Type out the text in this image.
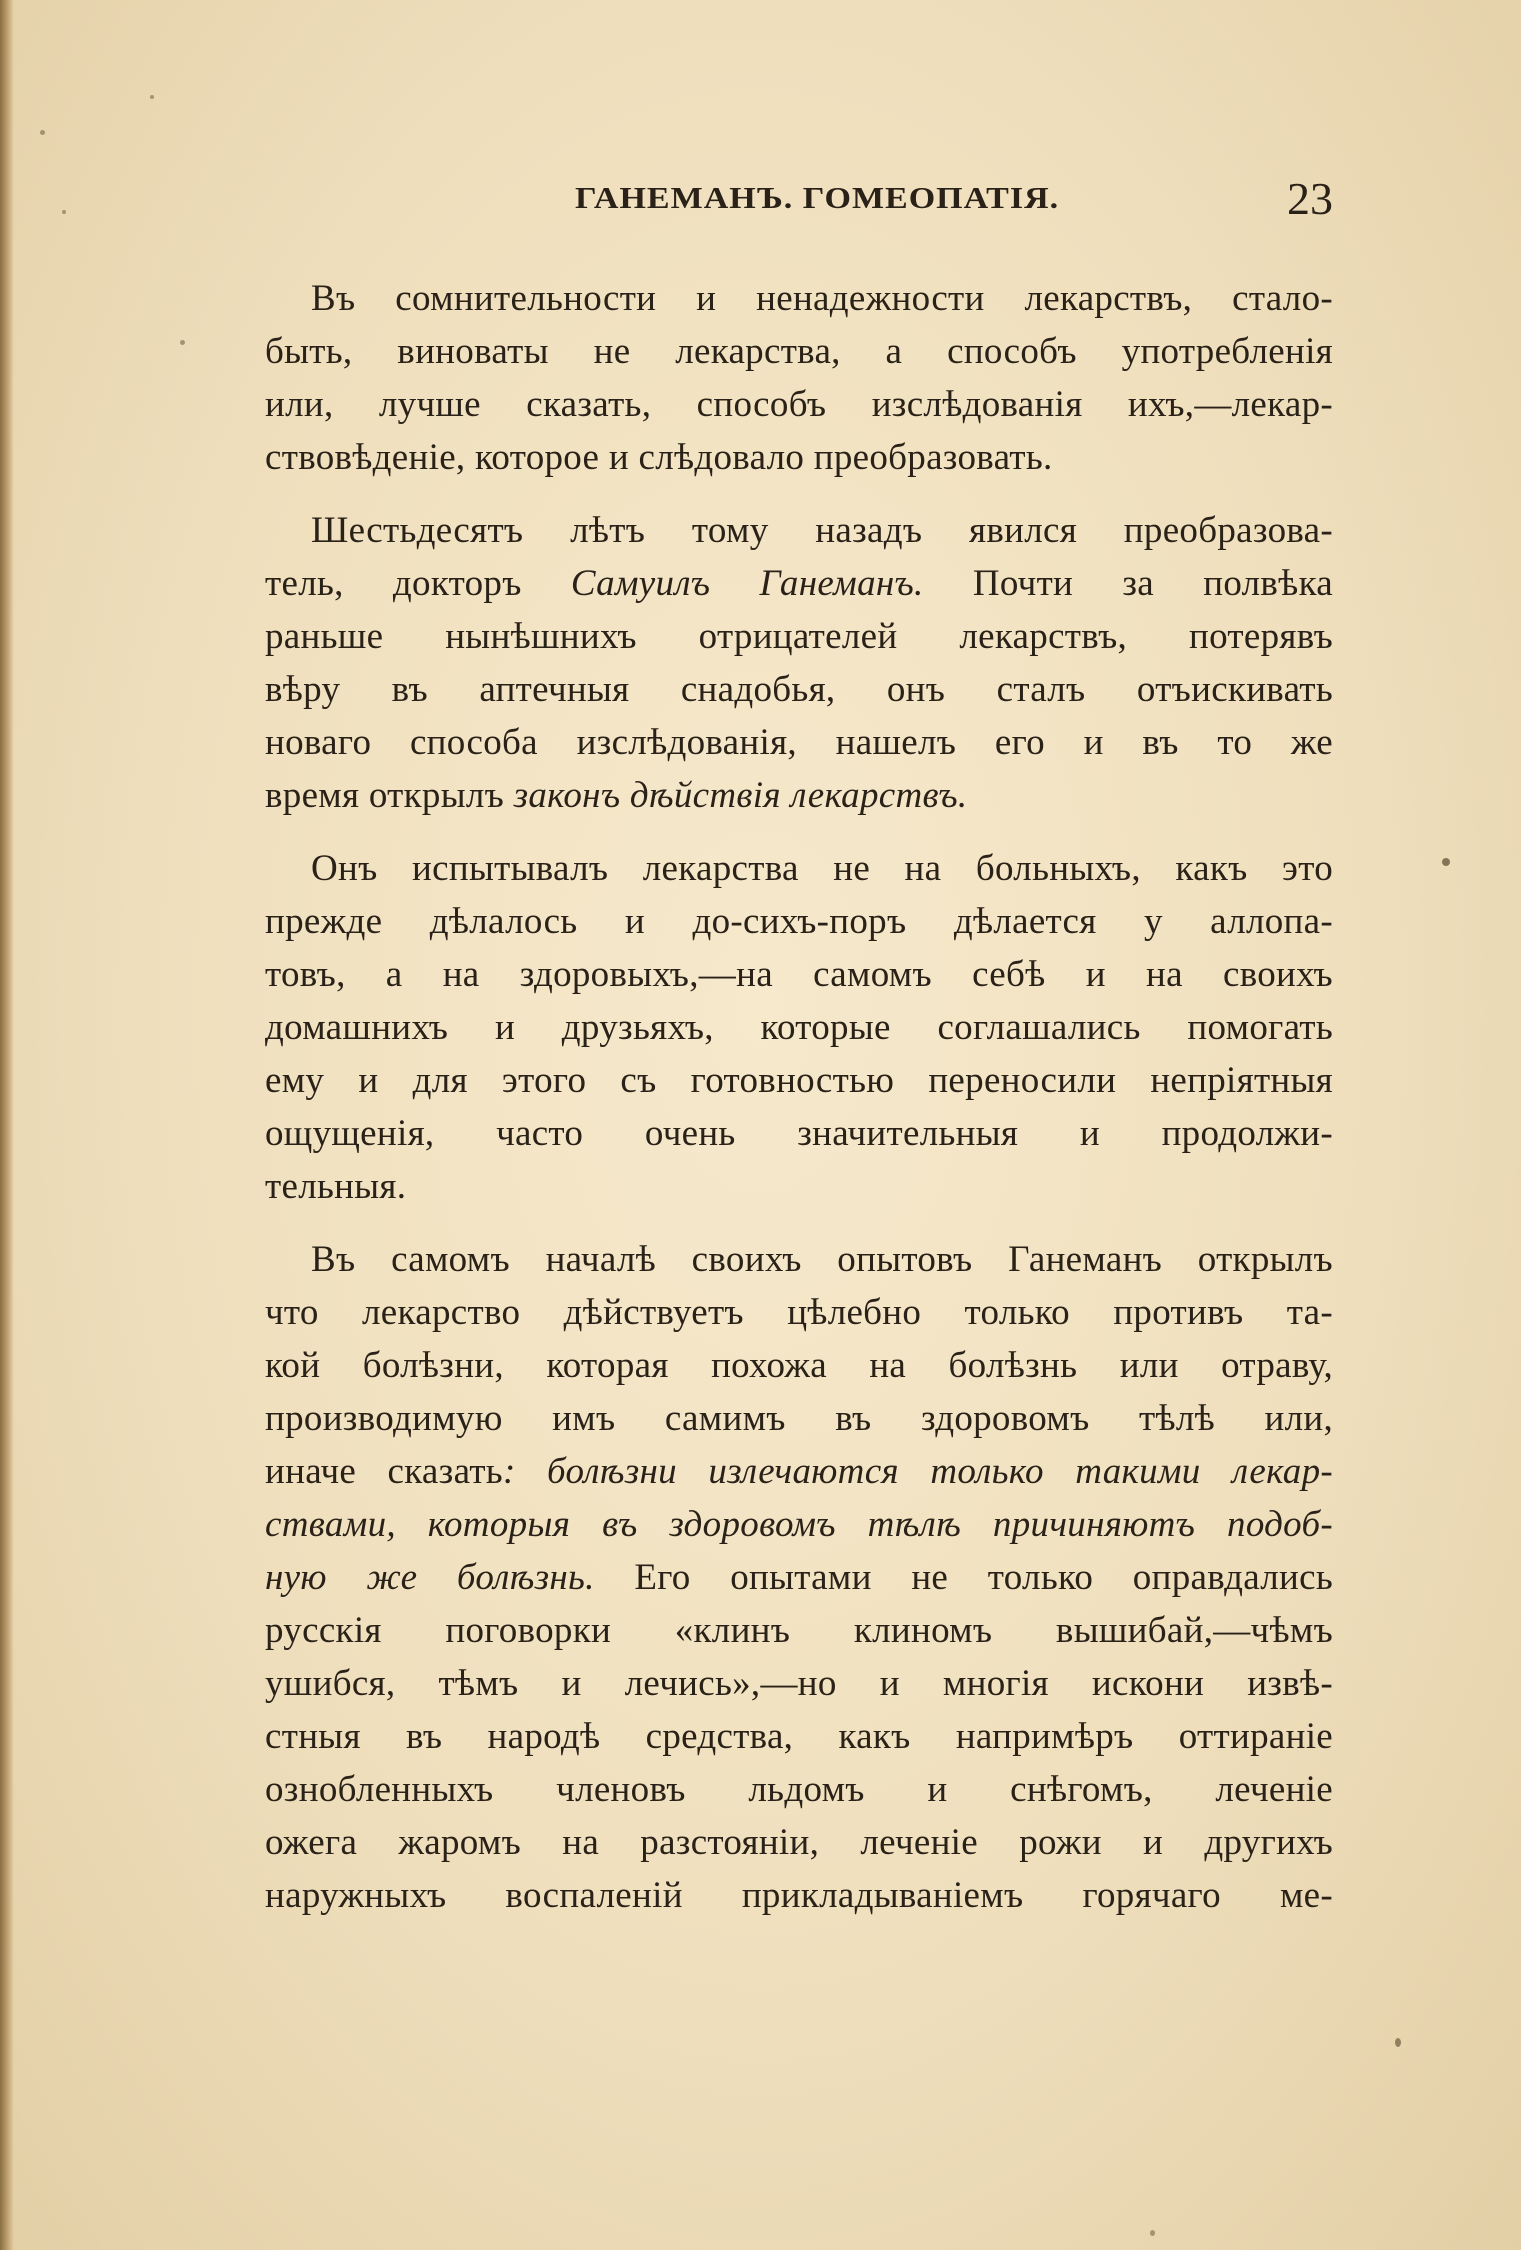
ГАНЕМАНЪ. ГОМЕОПАТІЯ.	23
Въ сомнительности и ненадежности лекарствъ, стало-
быть, виноваты не лекарства, а способъ употребленія
или, лучше сказать, способъ изслѣдованія ихъ,—лекар-
ствовѣденіе, которое и слѣдовало преобразовать.
Шестьдесятъ лѣтъ тому назадъ явился преобразова-
тель, докторъ Самуилъ Ганеманъ. Почти за полвѣка
раньше нынѣшнихъ отрицателей лекарствъ, потерявъ
вѣру въ аптечныя снадобья, онъ сталъ отъискивать
новаго способа изслѣдованія, нашелъ его и въ то же
время открылъ законъ дѣйствія лекарствъ.
Онъ испытывалъ лекарства не на больныхъ, какъ это
прежде дѣлалось и до-сихъ-поръ дѣлается у аллопа-
товъ, а на здоровыхъ,—на самомъ себѣ и на своихъ
домашнихъ и друзьяхъ, которые соглашались помогать
ему и для этого съ готовностью переносили непріятныя
ощущенія, часто очень значительныя и продолжи-
тельныя.
Въ самомъ началѣ своихъ опытовъ Ганеманъ открылъ
что лекарство дѣйствуетъ цѣлебно только противъ та-
кой болѣзни, которая похожа на болѣзнь или отраву,
производимую имъ самимъ въ здоровомъ тѣлѣ или,
иначе сказать: болѣзни излечаются только такими лекар-
ствами, которыя въ здоровомъ тѣлѣ причиняютъ подоб-
ную же болѣзнь. Его опытами не только оправдались
русскія поговорки «клинъ клиномъ вышибай,—чѣмъ
ушибся, тѣмъ и лечись»,—но и многія искони извѣ-
стныя въ народѣ средства, какъ напримѣръ оттираніе
ознобленныхъ членовъ льдомъ и снѣгомъ, леченіе
ожега жаромъ на разстояніи, леченіе рожи и другихъ
наружныхъ воспаленій прикладываніемъ горячаго ме-
